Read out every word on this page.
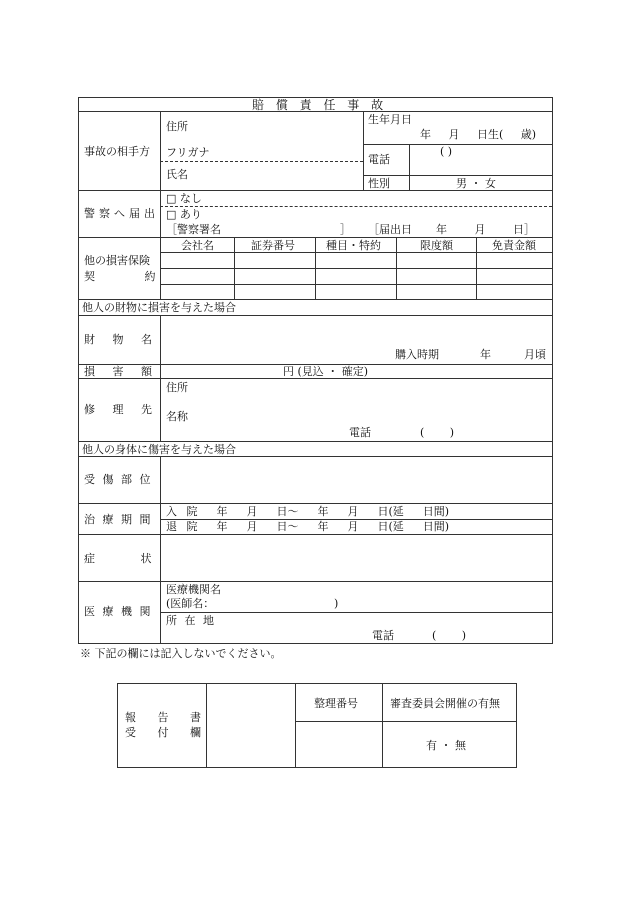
賠 償 責 任 事 故
事故の相手方
住所
生年月日
年 月 日生( 歳)
フリガナ
氏名
電話
( )
性別	男 ・ 女
警察へ届出
□ なし
□ あり
［警察署名	］ ［届出日 年 月 日］
他の損害保険
契 約
会社名	証券番号	種目・特約	限度額	免責金額
他人の財物に損害を与えた場合
財 物 名
購入時期	年	月頃
損 害 額	円 (見込 ・ 確定)
修 理 先
住所
名称
電話	( )
他人の身体に傷害を与えた場合
受 傷 部 位
治 療 期 間
入 院  年  月  日～  年  月  日(延  日間)
退 院  年  月  日～  年  月  日(延  日間)
症 状
医 療 機 関
医療機関名
(医師名：	)
所 在 地
電話	( )
※ 下記の欄には記入しないでください。
報 告 書
受 付 欄
整理番号	審査委員会開催の有無
有 ・ 無
